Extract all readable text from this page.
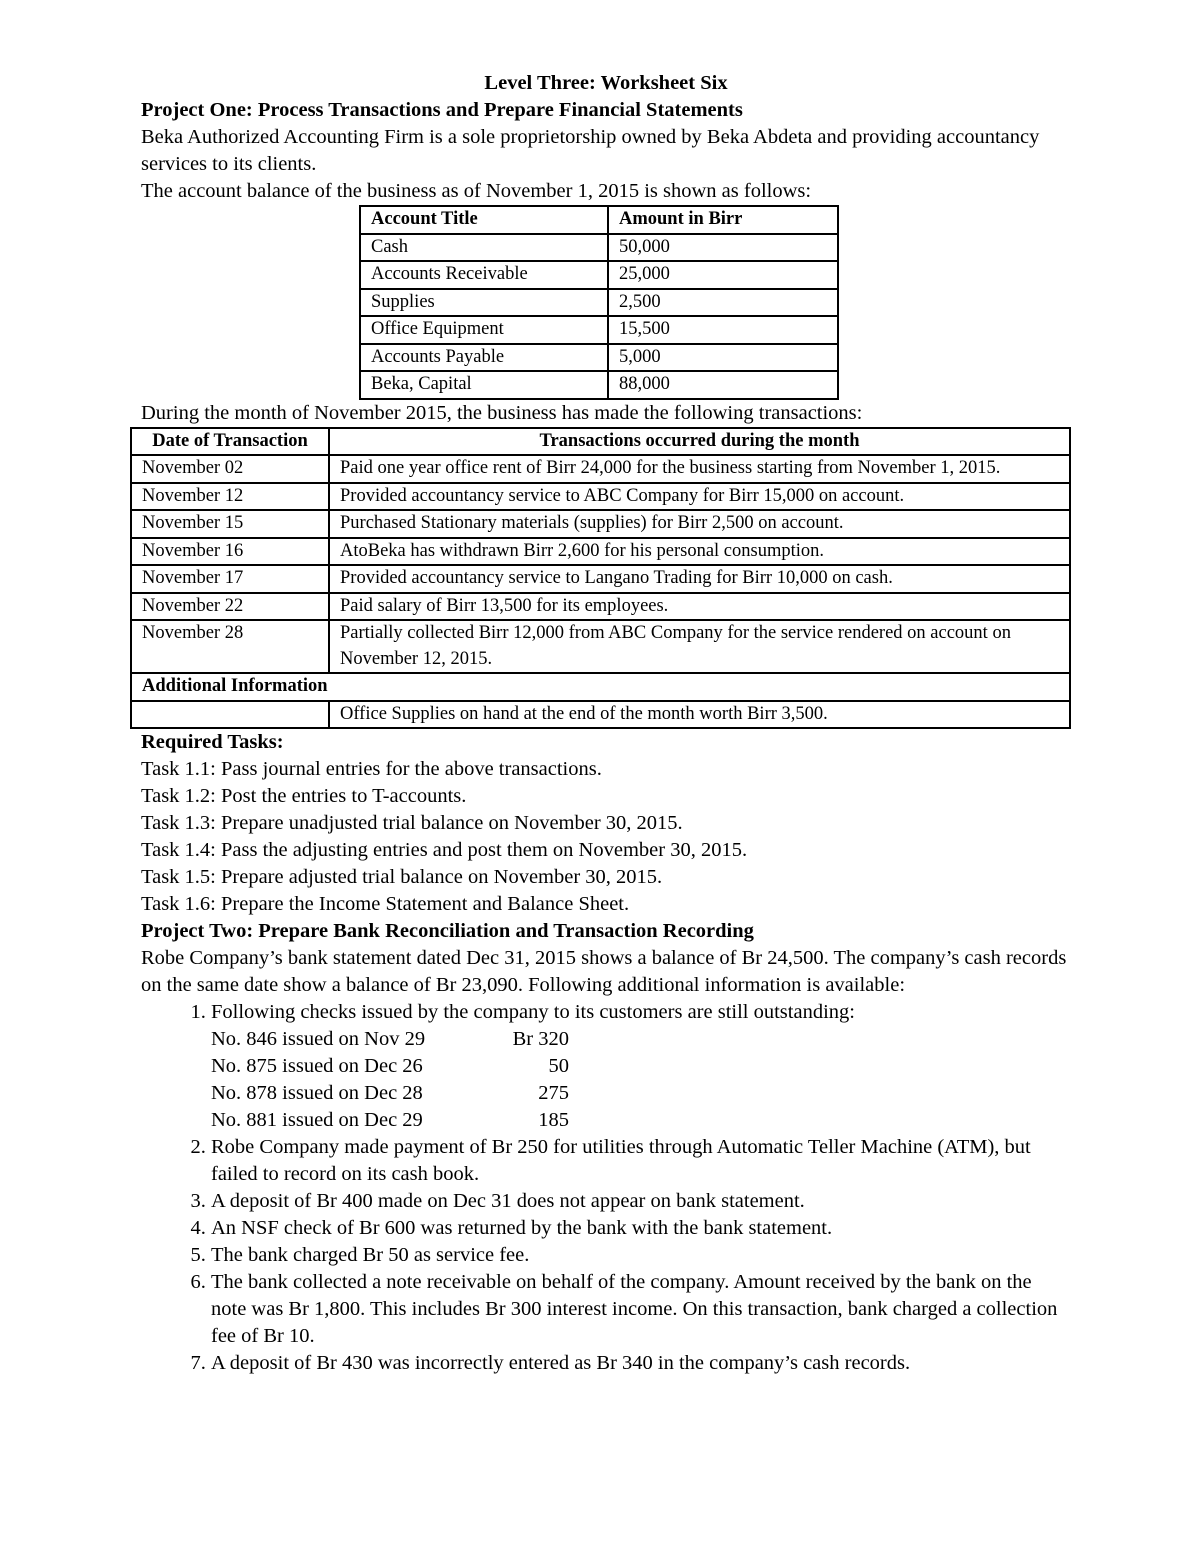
Level Three: Worksheet Six

Project One: Process Transactions and Prepare Financial Statements

Beka Authorized Accounting Firm is a sole proprietorship owned by Beka Abdeta and providing accountancy services to its clients.

The account balance of the business as of November 1, 2015 is shown as follows:

Account Title	Amount in Birr
Cash	50,000
Accounts Receivable	25,000
Supplies	2,500
Office Equipment	15,500
Accounts Payable	5,000
Beka, Capital	88,000

During the month of November 2015, the business has made the following transactions:

Date of Transaction	Transactions occurred during the month
November 02	Paid one year office rent of Birr 24,000 for the business starting from November 1, 2015.
November 12	Provided accountancy service to ABC Company for Birr 15,000 on account.
November 15	Purchased Stationary materials (supplies) for Birr 2,500 on account.
November 16	AtoBeka has withdrawn Birr 2,600 for his personal consumption.
November 17	Provided accountancy service to Langano Trading for Birr 10,000 on cash.
November 22	Paid salary of Birr 13,500 for its employees.
November 28	Partially collected Birr 12,000 from ABC Company for the service rendered on account on November 12, 2015.
Additional Information	
	Office Supplies on hand at the end of the month worth Birr 3,500.

Required Tasks:

Task 1.1: Pass journal entries for the above transactions.

Task 1.2: Post the entries to T-accounts.

Task 1.3: Prepare unadjusted trial balance on November 30, 2015.

Task 1.4: Pass the adjusting entries and post them on November 30, 2015.

Task 1.5: Prepare adjusted trial balance on November 30, 2015.

Task 1.6: Prepare the Income Statement and Balance Sheet.

Project Two: Prepare Bank Reconciliation and Transaction Recording

Robe Company’s bank statement dated Dec 31, 2015 shows a balance of Br 24,500. The company’s cash records on the same date show a balance of Br 23,090. Following additional information is available:

1. Following checks issued by the company to its customers are still outstanding:
No. 846 issued on Nov 29	Br 320
No. 875 issued on Dec 26	50
No. 878 issued on Dec 28	275
No. 881 issued on Dec 29	185
2. Robe Company made payment of Br 250 for utilities through Automatic Teller Machine (ATM), but failed to record on its cash book.
3. A deposit of Br 400 made on Dec 31 does not appear on bank statement.
4. An NSF check of Br 600 was returned by the bank with the bank statement.
5. The bank charged Br 50 as service fee.
6. The bank collected a note receivable on behalf of the company. Amount received by the bank on the note was Br 1,800. This includes Br 300 interest income. On this transaction, bank charged a collection fee of Br 10.
7. A deposit of Br 430 was incorrectly entered as Br 340 in the company’s cash records.
